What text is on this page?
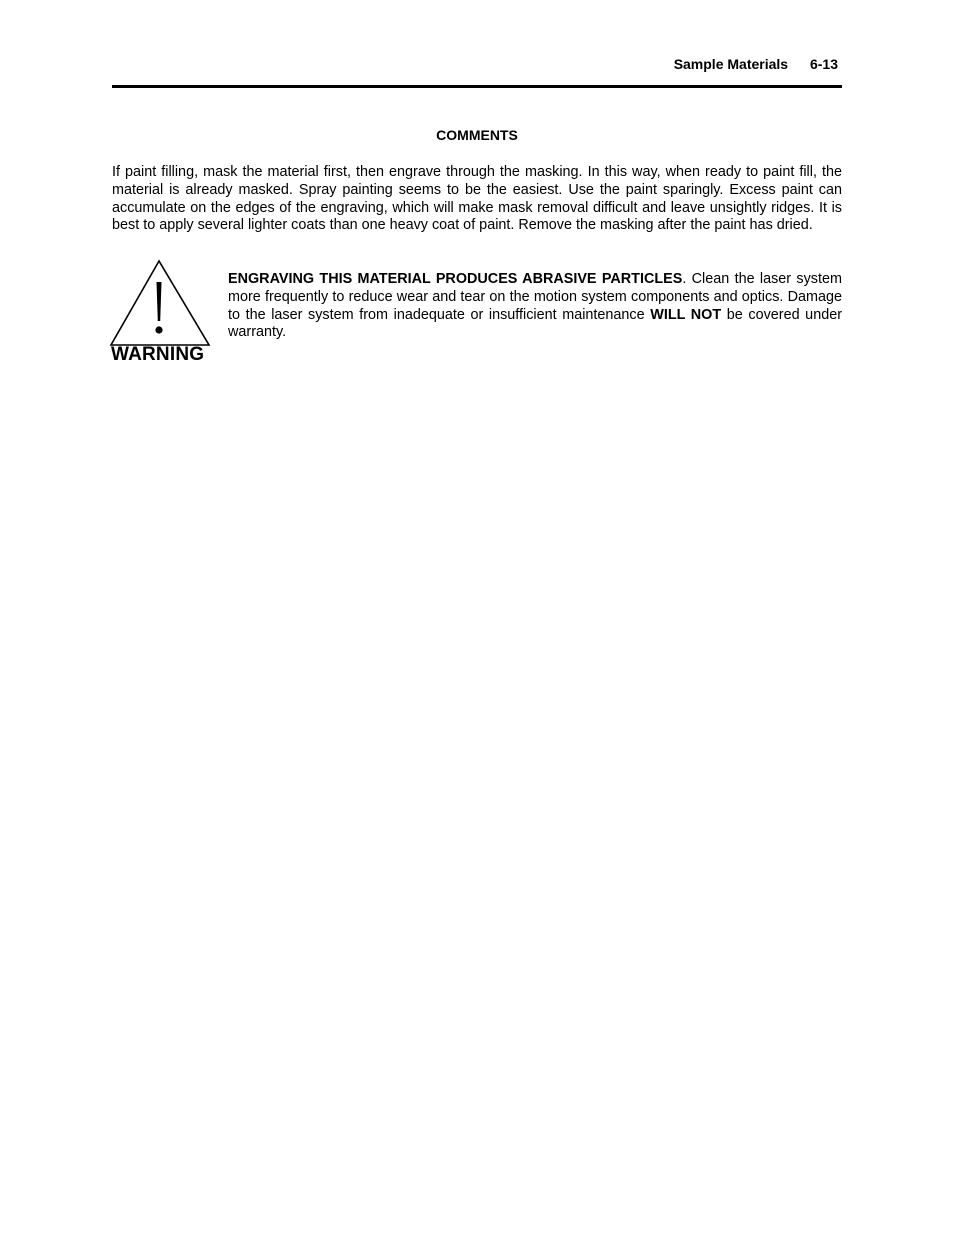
Sample Materials 6-13
COMMENTS

If paint filling, mask the material first, then engrave through the masking. In this way, when ready to paint fill, the material is already masked. Spray painting seems to be the easiest. Use the paint sparingly. Excess paint can accumulate on the edges of the engraving, which will make mask removal difficult and leave unsightly ridges. It is best to apply several lighter coats than one heavy coat of paint. Remove the masking after the paint has dried.

WARNING

ENGRAVING THIS MATERIAL PRODUCES ABRASIVE PARTICLES. Clean the laser system more frequently to reduce wear and tear on the motion system components and optics. Damage to the laser system from inadequate or insufficient maintenance WILL NOT be covered under warranty.
